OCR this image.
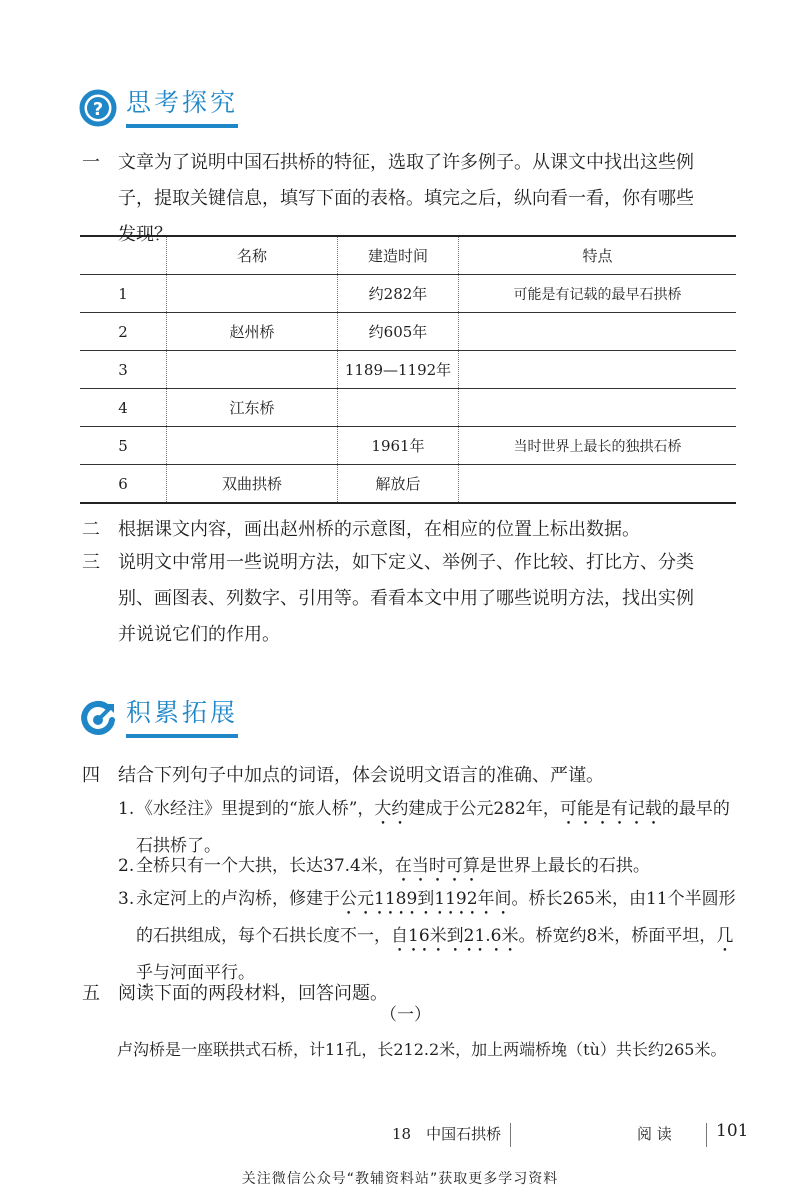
? 思考探究
一 文章为了说明中国石拱桥的特征，选取了许多例子。从课文中找出这些例
子，提取关键信息，填写下面的表格。填完之后，纵向看一看，你有哪些
发现？
	名称	建造时间	特点
1		约282年	可能是有记载的最早石拱桥
2	赵州桥	约605年	
3		1189—1192年	
4	江东桥		
5		1961年	当时世界上最长的独拱石桥
6	双曲拱桥	解放后	
二 根据课文内容，画出赵州桥的示意图，在相应的位置上标出数据。
三 说明文中常用一些说明方法，如下定义、举例子、作比较、打比方、分类
别、画图表、列数字、引用等。看看本文中用了哪些说明方法，找出实例
并说说它们的作用。
积累拓展
四 结合下列句子中加点的词语，体会说明文语言的准确、严谨。
1. 《水经注》里提到的“旅人桥”，大约建成于公元282年，可能是有记载的最早的
石拱桥了。
2. 全桥只有一个大拱，长达37.4米，在当时可算是世界上最长的石拱。
3. 永定河上的卢沟桥，修建于公元1189到1192年间。桥长265米，由11个半圆形
的石拱组成，每个石拱长度不一，自16米到21.6米。桥宽约8米，桥面平坦，几
乎与河面平行。
五 阅读下面的两段材料，回答问题。
（一）
卢沟桥是一座联拱式石桥，计11孔，长212.2米，加上两端桥堍（tù）共长约265米。
18　中国石拱桥	阅 读	101
关注微信公众号“教辅资料站”获取更多学习资料
